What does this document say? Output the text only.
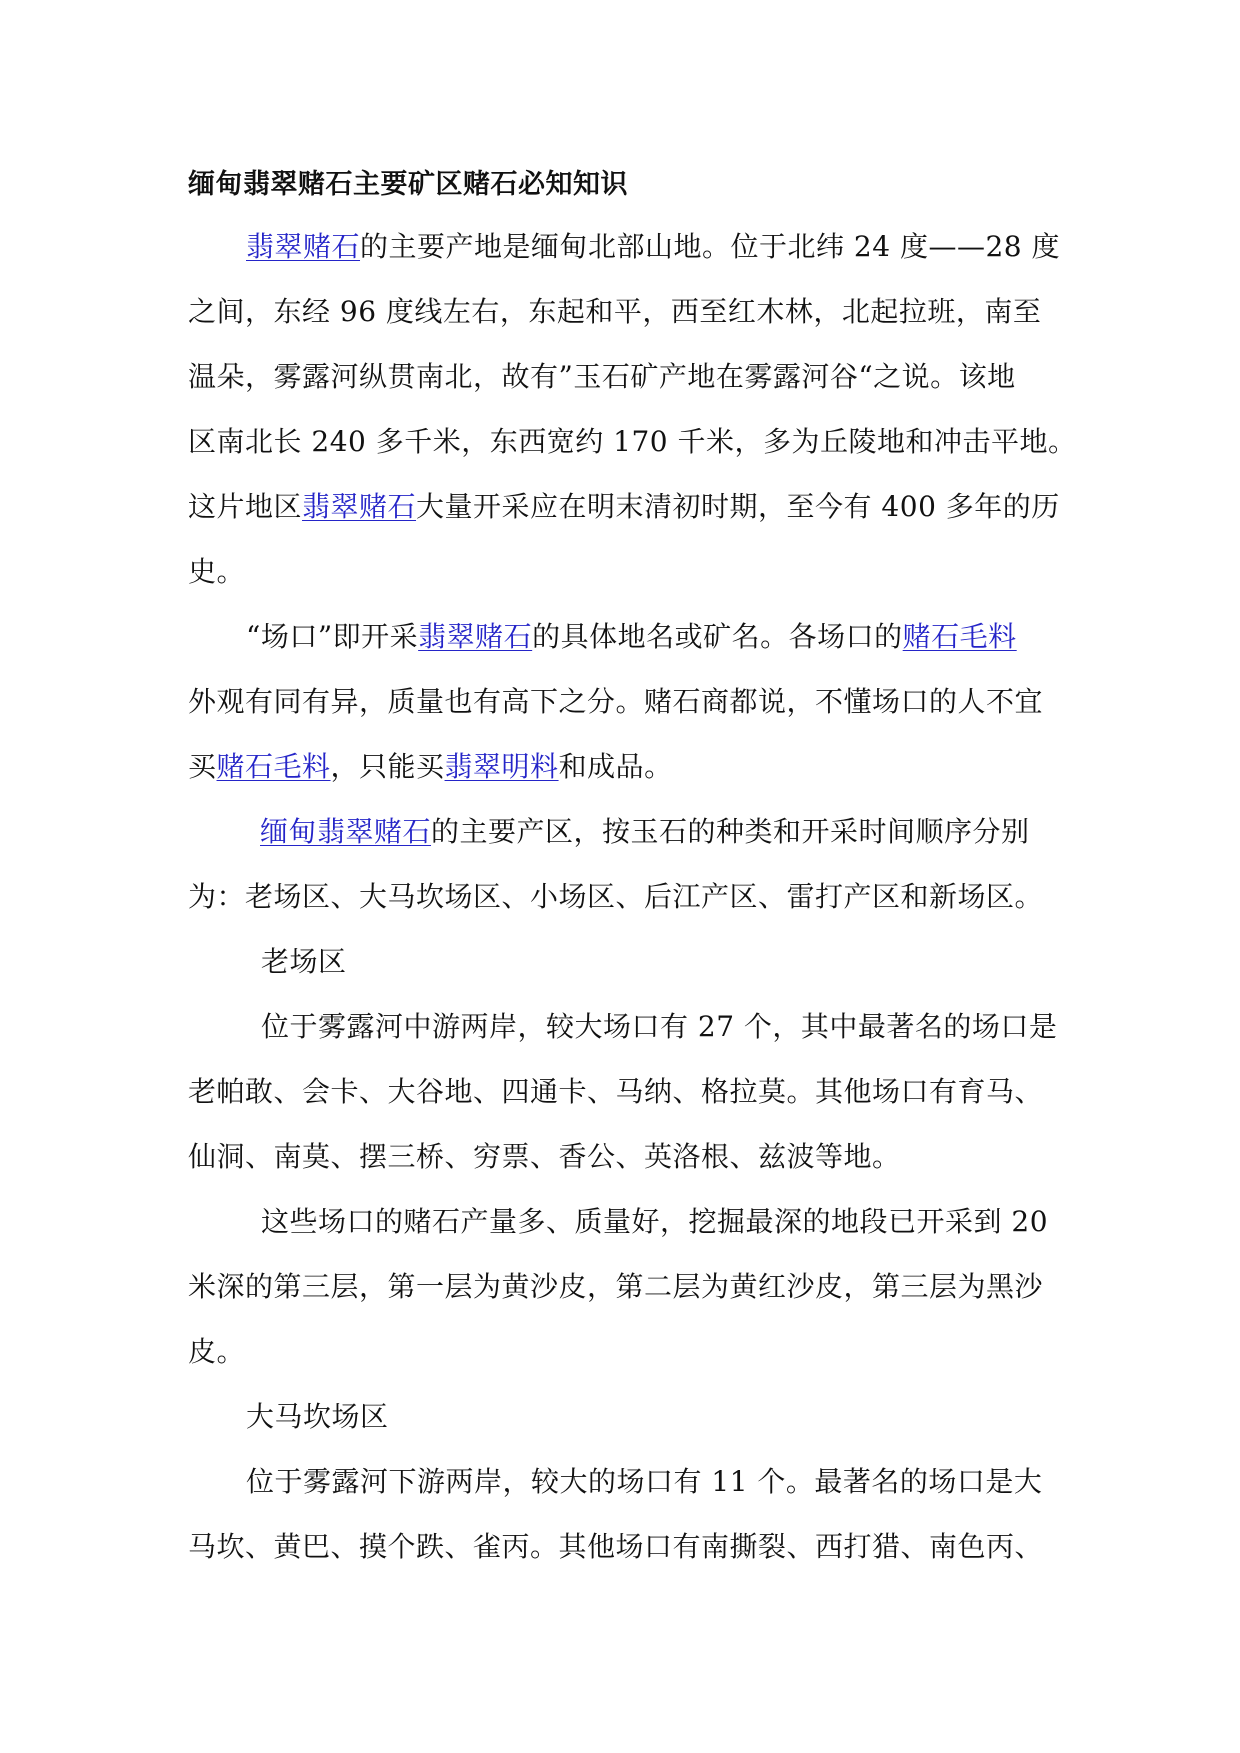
缅甸翡翠赌石主要矿区赌石必知知识
翡翠赌石的主要产地是缅甸北部山地。位于北纬 24 度——28 度
之间，东经 96 度线左右，东起和平，西至红木林，北起拉班，南至
温朵，雾露河纵贯南北，故有”玉石矿产地在雾露河谷“之说。该地
区南北长 240 多千米，东西宽约 170 千米，多为丘陵地和冲击平地。
这片地区翡翠赌石大量开采应在明末清初时期，至今有 400 多年的历
史。
“场口”即开采翡翠赌石的具体地名或矿名。各场口的赌石毛料
外观有同有异，质量也有高下之分。赌石商都说，不懂场口的人不宜
买赌石毛料，只能买翡翠明料和成品。
缅甸翡翠赌石的主要产区，按玉石的种类和开采时间顺序分别
为：老场区、大马坎场区、小场区、后江产区、雷打产区和新场区。
老场区
位于雾露河中游两岸，较大场口有 27 个，其中最著名的场口是
老帕敢、会卡、大谷地、四通卡、马纳、格拉莫。其他场口有育马、
仙洞、南莫、摆三桥、穷票、香公、英洛根、兹波等地。
这些场口的赌石产量多、质量好，挖掘最深的地段已开采到 20
米深的第三层，第一层为黄沙皮，第二层为黄红沙皮，第三层为黑沙
皮。
大马坎场区
位于雾露河下游两岸，较大的场口有 11 个。最著名的场口是大
马坎、黄巴、摸个跌、雀丙。其他场口有南撕裂、西打猎、南色丙、
